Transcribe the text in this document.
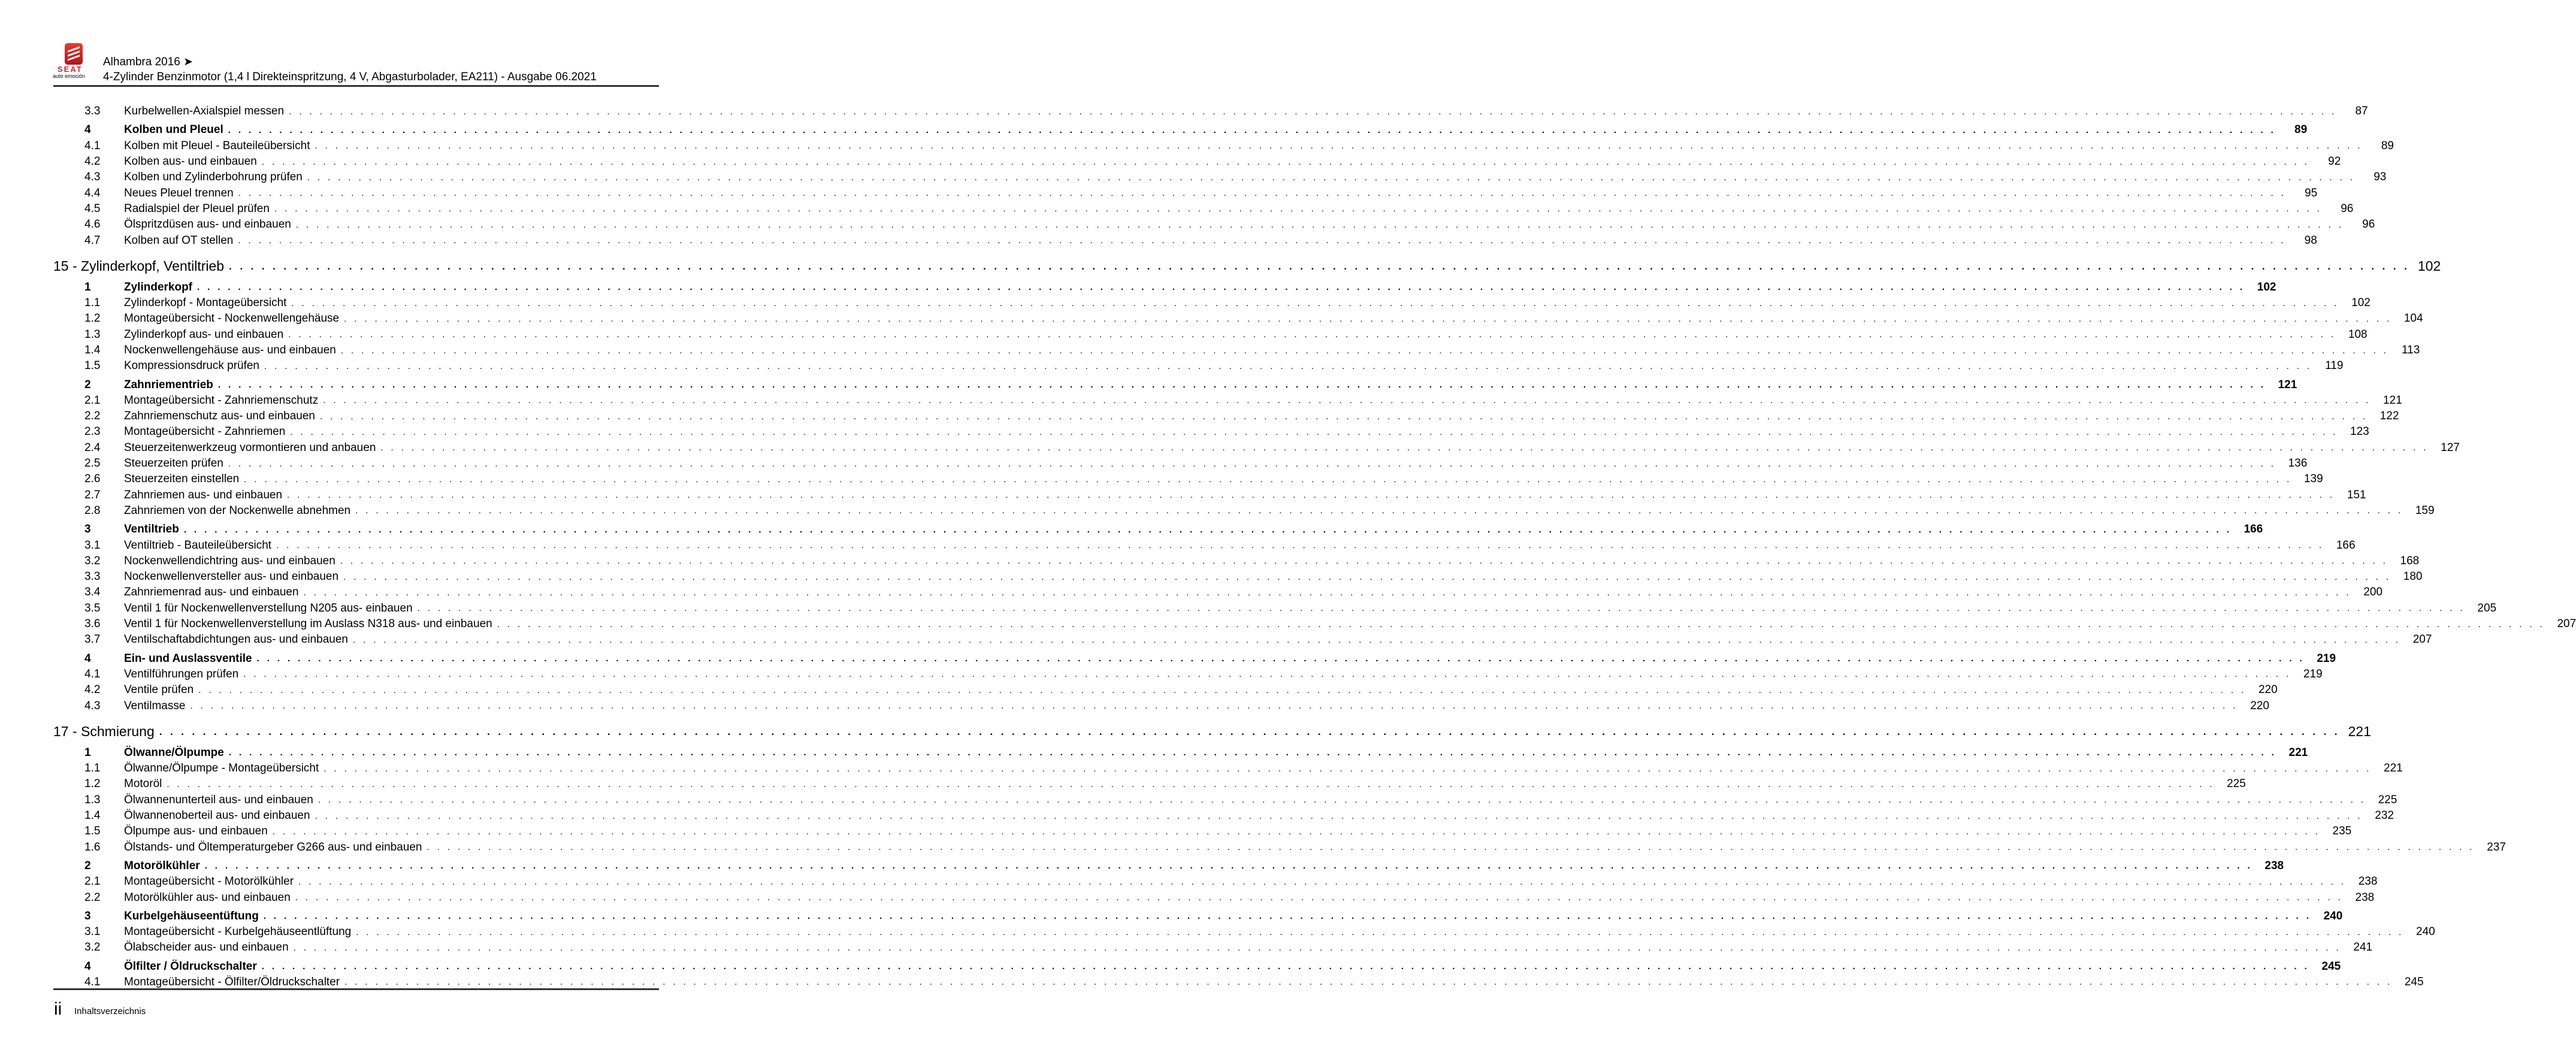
SEAT
auto emoción
Alhambra 2016 ➤
4-Zylinder Benzinmotor (1,4 l Direkteinspritzung, 4 V, Abgasturbolader, EA211) - Ausgabe 06.2021
3.3	Kurbelwellen-Axialspiel messen . . . . . . . . . . . . . . . . . . . . . . . . . . . . . . . . . . . . . . . . . . . . . . . . . . . . . . . . . . . . . . . . . . . . . . . . . . . . . . . . . . . . . . . . . . . . . . . . . . . . . . . . . . . . . . . . . . . . . . . . . . . . . . . . . . . . . . . . . . . . . . . . . . . . . . . . . . . . . . . . . . . . . . . . . . . . . . . . . . . . . . . . . . . . . . . . . . . . . . . .	87
4	Kolben und Pleuel . . . . . . . . . . . . . . . . . . . . . . . . . . . . . . . . . . . . . . . . . . . . . . . . . . . . . . . . . . . . . . . . . . . . . . . . . . . . . . . . . . . . . . . . . . . . . . . . . . . . . . . . . . . . . . . . . . . . . . . . . . . . . . . . . . . . . . . . . . . . . . . . . . . . . . . . . . . . . . . . . . . . . . . . . . . . . . . . . . . . . . . . . . . . . . . . . . . . . . . .	89
4.1	Kolben mit Pleuel - Bauteileübersicht . . . . . . . . . . . . . . . . . . . . . . . . . . . . . . . . . . . . . . . . . . . . . . . . . . . . . . . . . . . . . . . . . . . . . . . . . . . . . . . . . . . . . . . . . . . . . . . . . . . . . . . . . . . . . . . . . . . . . . . . . . . . . . . . . . . . . . . . . . . . . . . . . . . . . . . . . . . . . . . . . . . . . . . . . . . . . . . . . . . . . . . . . . . . . . . . . . . . . . . .	89
4.2	Kolben aus- und einbauen . . . . . . . . . . . . . . . . . . . . . . . . . . . . . . . . . . . . . . . . . . . . . . . . . . . . . . . . . . . . . . . . . . . . . . . . . . . . . . . . . . . . . . . . . . . . . . . . . . . . . . . . . . . . . . . . . . . . . . . . . . . . . . . . . . . . . . . . . . . . . . . . . . . . . . . . . . . . . . . . . . . . . . . . . . . . . . . . . . . . . . . . . . . . . . . . . . . . . . . .	92
4.3	Kolben und Zylinderbohrung prüfen . . . . . . . . . . . . . . . . . . . . . . . . . . . . . . . . . . . . . . . . . . . . . . . . . . . . . . . . . . . . . . . . . . . . . . . . . . . . . . . . . . . . . . . . . . . . . . . . . . . . . . . . . . . . . . . . . . . . . . . . . . . . . . . . . . . . . . . . . . . . . . . . . . . . . . . . . . . . . . . . . . . . . . . . . . . . . . . . . . . . . . . . . . . . . . . . . . . . . . . .	93
4.4	Neues Pleuel trennen . . . . . . . . . . . . . . . . . . . . . . . . . . . . . . . . . . . . . . . . . . . . . . . . . . . . . . . . . . . . . . . . . . . . . . . . . . . . . . . . . . . . . . . . . . . . . . . . . . . . . . . . . . . . . . . . . . . . . . . . . . . . . . . . . . . . . . . . . . . . . . . . . . . . . . . . . . . . . . . . . . . . . . . . . . . . . . . . . . . . . . . . . . . . . . . . . . . . . . . .	95
4.5	Radialspiel der Pleuel prüfen . . . . . . . . . . . . . . . . . . . . . . . . . . . . . . . . . . . . . . . . . . . . . . . . . . . . . . . . . . . . . . . . . . . . . . . . . . . . . . . . . . . . . . . . . . . . . . . . . . . . . . . . . . . . . . . . . . . . . . . . . . . . . . . . . . . . . . . . . . . . . . . . . . . . . . . . . . . . . . . . . . . . . . . . . . . . . . . . . . . . . . . . . . . . . . . . . . . . . . . .	96
4.6	Ölspritzdüsen aus- und einbauen . . . . . . . . . . . . . . . . . . . . . . . . . . . . . . . . . . . . . . . . . . . . . . . . . . . . . . . . . . . . . . . . . . . . . . . . . . . . . . . . . . . . . . . . . . . . . . . . . . . . . . . . . . . . . . . . . . . . . . . . . . . . . . . . . . . . . . . . . . . . . . . . . . . . . . . . . . . . . . . . . . . . . . . . . . . . . . . . . . . . . . . . . . . . . . . . . . . . . . . .	96
4.7	Kolben auf OT stellen . . . . . . . . . . . . . . . . . . . . . . . . . . . . . . . . . . . . . . . . . . . . . . . . . . . . . . . . . . . . . . . . . . . . . . . . . . . . . . . . . . . . . . . . . . . . . . . . . . . . . . . . . . . . . . . . . . . . . . . . . . . . . . . . . . . . . . . . . . . . . . . . . . . . . . . . . . . . . . . . . . . . . . . . . . . . . . . . . . . . . . . . . . . . . . . . . . . . . . . .	98
15 - Zylinderkopf, Ventiltrieb . . . . . . . . . . . . . . . . . . . . . . . . . . . . . . . . . . . . . . . . . . . . . . . . . . . . . . . . . . . . . . . . . . . . . . . . . . . . . . . . . . . . . . . . . . . . . . . . . . . . . . . . . . . . . . . . . . . . . . . . . . . . . . . . . . . . . . . . . . . . . . . . . . . . . . . . . . . . . . . . . . . . . . . . . . . . . . . . . . . . . . . . . . . . . . . . . . . . . . . . 102
1	Zylinderkopf . . . . . . . . . . . . . . . . . . . . . . . . . . . . . . . . . . . . . . . . . . . . . . . . . . . . . . . . . . . . . . . . . . . . . . . . . . . . . . . . . . . . . . . . . . . . . . . . . . . . . . . . . . . . . . . . . . . . . . . . . . . . . . . . . . . . . . . . . . . . . . . . . . . . . . . . . . . . . . . . . . . . . . . . . . . . . . . . . . . . . . . . . . . . . . . . . . . . . . . .	102
1.1	Zylinderkopf - Montageübersicht . . . . . . . . . . . . . . . . . . . . . . . . . . . . . . . . . . . . . . . . . . . . . . . . . . . . . . . . . . . . . . . . . . . . . . . . . . . . . . . . . . . . . . . . . . . . . . . . . . . . . . . . . . . . . . . . . . . . . . . . . . . . . . . . . . . . . . . . . . . . . . . . . . . . . . . . . . . . . . . . . . . . . . . . . . . . . . . . . . . . . . . . . . . . . . . . . . . . . . . .	102
1.2	Montageübersicht - Nockenwellengehäuse . . . . . . . . . . . . . . . . . . . . . . . . . . . . . . . . . . . . . . . . . . . . . . . . . . . . . . . . . . . . . . . . . . . . . . . . . . . . . . . . . . . . . . . . . . . . . . . . . . . . . . . . . . . . . . . . . . . . . . . . . . . . . . . . . . . . . . . . . . . . . . . . . . . . . . . . . . . . . . . . . . . . . . . . . . . . . . . . . . . . . . . . . . . . . . . . . . . . . . . .	104
1.3	Zylinderkopf aus- und einbauen . . . . . . . . . . . . . . . . . . . . . . . . . . . . . . . . . . . . . . . . . . . . . . . . . . . . . . . . . . . . . . . . . . . . . . . . . . . . . . . . . . . . . . . . . . . . . . . . . . . . . . . . . . . . . . . . . . . . . . . . . . . . . . . . . . . . . . . . . . . . . . . . . . . . . . . . . . . . . . . . . . . . . . . . . . . . . . . . . . . . . . . . . . . . . . . . . . . . . . . .	108
1.4	Nockenwellengehäuse aus- und einbauen . . . . . . . . . . . . . . . . . . . . . . . . . . . . . . . . . . . . . . . . . . . . . . . . . . . . . . . . . . . . . . . . . . . . . . . . . . . . . . . . . . . . . . . . . . . . . . . . . . . . . . . . . . . . . . . . . . . . . . . . . . . . . . . . . . . . . . . . . . . . . . . . . . . . . . . . . . . . . . . . . . . . . . . . . . . . . . . . . . . . . . . . . . . . . . . . . . . . . . . .	113
1.5	Kompressionsdruck prüfen . . . . . . . . . . . . . . . . . . . . . . . . . . . . . . . . . . . . . . . . . . . . . . . . . . . . . . . . . . . . . . . . . . . . . . . . . . . . . . . . . . . . . . . . . . . . . . . . . . . . . . . . . . . . . . . . . . . . . . . . . . . . . . . . . . . . . . . . . . . . . . . . . . . . . . . . . . . . . . . . . . . . . . . . . . . . . . . . . . . . . . . . . . . . . . . . . . . . . . . .	119
2	Zahnriementrieb . . . . . . . . . . . . . . . . . . . . . . . . . . . . . . . . . . . . . . . . . . . . . . . . . . . . . . . . . . . . . . . . . . . . . . . . . . . . . . . . . . . . . . . . . . . . . . . . . . . . . . . . . . . . . . . . . . . . . . . . . . . . . . . . . . . . . . . . . . . . . . . . . . . . . . . . . . . . . . . . . . . . . . . . . . . . . . . . . . . . . . . . . . . . . . . . . . . . . . . .	121
2.1	Montageübersicht - Zahnriemenschutz . . . . . . . . . . . . . . . . . . . . . . . . . . . . . . . . . . . . . . . . . . . . . . . . . . . . . . . . . . . . . . . . . . . . . . . . . . . . . . . . . . . . . . . . . . . . . . . . . . . . . . . . . . . . . . . . . . . . . . . . . . . . . . . . . . . . . . . . . . . . . . . . . . . . . . . . . . . . . . . . . . . . . . . . . . . . . . . . . . . . . . . . . . . . . . . . . . . . . . . .	121
2.2	Zahnriemenschutz aus- und einbauen . . . . . . . . . . . . . . . . . . . . . . . . . . . . . . . . . . . . . . . . . . . . . . . . . . . . . . . . . . . . . . . . . . . . . . . . . . . . . . . . . . . . . . . . . . . . . . . . . . . . . . . . . . . . . . . . . . . . . . . . . . . . . . . . . . . . . . . . . . . . . . . . . . . . . . . . . . . . . . . . . . . . . . . . . . . . . . . . . . . . . . . . . . . . . . . . . . . . . . . .	122
2.3	Montageübersicht - Zahnriemen . . . . . . . . . . . . . . . . . . . . . . . . . . . . . . . . . . . . . . . . . . . . . . . . . . . . . . . . . . . . . . . . . . . . . . . . . . . . . . . . . . . . . . . . . . . . . . . . . . . . . . . . . . . . . . . . . . . . . . . . . . . . . . . . . . . . . . . . . . . . . . . . . . . . . . . . . . . . . . . . . . . . . . . . . . . . . . . . . . . . . . . . . . . . . . . . . . . . . . . .	123
2.4	Steuerzeitenwerkzeug vormontieren und anbauen . . . . . . . . . . . . . . . . . . . . . . . . . . . . . . . . . . . . . . . . . . . . . . . . . . . . . . . . . . . . . . . . . . . . . . . . . . . . . . . . . . . . . . . . . . . . . . . . . . . . . . . . . . . . . . . . . . . . . . . . . . . . . . . . . . . . . . . . . . . . . . . . . . . . . . . . . . . . . . . . . . . . . . . . . . . . . . . . . . . . . . . . . . . . . . . . . . . . . . . .	127
2.5	Steuerzeiten prüfen . . . . . . . . . . . . . . . . . . . . . . . . . . . . . . . . . . . . . . . . . . . . . . . . . . . . . . . . . . . . . . . . . . . . . . . . . . . . . . . . . . . . . . . . . . . . . . . . . . . . . . . . . . . . . . . . . . . . . . . . . . . . . . . . . . . . . . . . . . . . . . . . . . . . . . . . . . . . . . . . . . . . . . . . . . . . . . . . . . . . . . . . . . . . . . . . . . . . . . . .	136
2.6	Steuerzeiten einstellen . . . . . . . . . . . . . . . . . . . . . . . . . . . . . . . . . . . . . . . . . . . . . . . . . . . . . . . . . . . . . . . . . . . . . . . . . . . . . . . . . . . . . . . . . . . . . . . . . . . . . . . . . . . . . . . . . . . . . . . . . . . . . . . . . . . . . . . . . . . . . . . . . . . . . . . . . . . . . . . . . . . . . . . . . . . . . . . . . . . . . . . . . . . . . . . . . . . . . . . .	139
2.7	Zahnriemen aus- und einbauen . . . . . . . . . . . . . . . . . . . . . . . . . . . . . . . . . . . . . . . . . . . . . . . . . . . . . . . . . . . . . . . . . . . . . . . . . . . . . . . . . . . . . . . . . . . . . . . . . . . . . . . . . . . . . . . . . . . . . . . . . . . . . . . . . . . . . . . . . . . . . . . . . . . . . . . . . . . . . . . . . . . . . . . . . . . . . . . . . . . . . . . . . . . . . . . . . . . . . . . .	151
2.8	Zahnriemen von der Nockenwelle abnehmen . . . . . . . . . . . . . . . . . . . . . . . . . . . . . . . . . . . . . . . . . . . . . . . . . . . . . . . . . . . . . . . . . . . . . . . . . . . . . . . . . . . . . . . . . . . . . . . . . . . . . . . . . . . . . . . . . . . . . . . . . . . . . . . . . . . . . . . . . . . . . . . . . . . . . . . . . . . . . . . . . . . . . . . . . . . . . . . . . . . . . . . . . . . . . . . . . . . . . . . .	159
3	Ventiltrieb . . . . . . . . . . . . . . . . . . . . . . . . . . . . . . . . . . . . . . . . . . . . . . . . . . . . . . . . . . . . . . . . . . . . . . . . . . . . . . . . . . . . . . . . . . . . . . . . . . . . . . . . . . . . . . . . . . . . . . . . . . . . . . . . . . . . . . . . . . . . . . . . . . . . . . . . . . . . . . . . . . . . . . . . . . . . . . . . . . . . . . . . . . . . . . . . . . . . . . . .	166
3.1	Ventiltrieb - Bauteileübersicht . . . . . . . . . . . . . . . . . . . . . . . . . . . . . . . . . . . . . . . . . . . . . . . . . . . . . . . . . . . . . . . . . . . . . . . . . . . . . . . . . . . . . . . . . . . . . . . . . . . . . . . . . . . . . . . . . . . . . . . . . . . . . . . . . . . . . . . . . . . . . . . . . . . . . . . . . . . . . . . . . . . . . . . . . . . . . . . . . . . . . . . . . . . . . . . . . . . . . . . .	166
3.2	Nockenwellendichtring aus- und einbauen . . . . . . . . . . . . . . . . . . . . . . . . . . . . . . . . . . . . . . . . . . . . . . . . . . . . . . . . . . . . . . . . . . . . . . . . . . . . . . . . . . . . . . . . . . . . . . . . . . . . . . . . . . . . . . . . . . . . . . . . . . . . . . . . . . . . . . . . . . . . . . . . . . . . . . . . . . . . . . . . . . . . . . . . . . . . . . . . . . . . . . . . . . . . . . . . . . . . . . . .	168
3.3	Nockenwellenversteller aus- und einbauen . . . . . . . . . . . . . . . . . . . . . . . . . . . . . . . . . . . . . . . . . . . . . . . . . . . . . . . . . . . . . . . . . . . . . . . . . . . . . . . . . . . . . . . . . . . . . . . . . . . . . . . . . . . . . . . . . . . . . . . . . . . . . . . . . . . . . . . . . . . . . . . . . . . . . . . . . . . . . . . . . . . . . . . . . . . . . . . . . . . . . . . . . . . . . . . . . . . . . . . .	180
3.4	Zahnriemenrad aus- und einbauen . . . . . . . . . . . . . . . . . . . . . . . . . . . . . . . . . . . . . . . . . . . . . . . . . . . . . . . . . . . . . . . . . . . . . . . . . . . . . . . . . . . . . . . . . . . . . . . . . . . . . . . . . . . . . . . . . . . . . . . . . . . . . . . . . . . . . . . . . . . . . . . . . . . . . . . . . . . . . . . . . . . . . . . . . . . . . . . . . . . . . . . . . . . . . . . . . . . . . . . .	200
3.5	Ventil 1 für Nockenwellenverstellung N205 aus- einbauen . . . . . . . . . . . . . . . . . . . . . . . . . . . . . . . . . . . . . . . . . . . . . . . . . . . . . . . . . . . . . . . . . . . . . . . . . . . . . . . . . . . . . . . . . . . . . . . . . . . . . . . . . . . . . . . . . . . . . . . . . . . . . . . . . . . . . . . . . . . . . . . . . . . . . . . . . . . . . . . . . . . . . . . . . . . . . . . . . . . . . . . . . . . . . . . . . . . . . . . .	205
3.6	Ventil 1 für Nockenwellenverstellung im Auslass N318 aus- und einbauen . . . . . . . . . . . . . . . . . . . . . . . . . . . . . . . . . . . . . . . . . . . . . . . . . . . . . . . . . . . . . . . . . . . . . . . . . . . . . . . . . . . . . . . . . . . . . . . . . . . . . . . . . . . . . . . . . . . . . . . . . . . . . . . . . . . . . . . . . . . . . . . . . . . . . . . . . . . . . . . . . . . . . . . . . . . . . . . . . . . . . . . . . . . . . . . . . . . . . . . .	207
3.7	Ventilschaftabdichtungen aus- und einbauen . . . . . . . . . . . . . . . . . . . . . . . . . . . . . . . . . . . . . . . . . . . . . . . . . . . . . . . . . . . . . . . . . . . . . . . . . . . . . . . . . . . . . . . . . . . . . . . . . . . . . . . . . . . . . . . . . . . . . . . . . . . . . . . . . . . . . . . . . . . . . . . . . . . . . . . . . . . . . . . . . . . . . . . . . . . . . . . . . . . . . . . . . . . . . . . . . . . . . . . .	207
4	Ein- und Auslassventile . . . . . . . . . . . . . . . . . . . . . . . . . . . . . . . . . . . . . . . . . . . . . . . . . . . . . . . . . . . . . . . . . . . . . . . . . . . . . . . . . . . . . . . . . . . . . . . . . . . . . . . . . . . . . . . . . . . . . . . . . . . . . . . . . . . . . . . . . . . . . . . . . . . . . . . . . . . . . . . . . . . . . . . . . . . . . . . . . . . . . . . . . . . . . . . . . . . . . . . .	219
4.1	Ventilführungen prüfen . . . . . . . . . . . . . . . . . . . . . . . . . . . . . . . . . . . . . . . . . . . . . . . . . . . . . . . . . . . . . . . . . . . . . . . . . . . . . . . . . . . . . . . . . . . . . . . . . . . . . . . . . . . . . . . . . . . . . . . . . . . . . . . . . . . . . . . . . . . . . . . . . . . . . . . . . . . . . . . . . . . . . . . . . . . . . . . . . . . . . . . . . . . . . . . . . . . . . . . .	219
4.2	Ventile prüfen . . . . . . . . . . . . . . . . . . . . . . . . . . . . . . . . . . . . . . . . . . . . . . . . . . . . . . . . . . . . . . . . . . . . . . . . . . . . . . . . . . . . . . . . . . . . . . . . . . . . . . . . . . . . . . . . . . . . . . . . . . . . . . . . . . . . . . . . . . . . . . . . . . . . . . . . . . . . . . . . . . . . . . . . . . . . . . . . . . . . . . . . . . . . . . . . . . . . . . . .	220
4.3	Ventilmasse . . . . . . . . . . . . . . . . . . . . . . . . . . . . . . . . . . . . . . . . . . . . . . . . . . . . . . . . . . . . . . . . . . . . . . . . . . . . . . . . . . . . . . . . . . . . . . . . . . . . . . . . . . . . . . . . . . . . . . . . . . . . . . . . . . . . . . . . . . . . . . . . . . . . . . . . . . . . . . . . . . . . . . . . . . . . . . . . . . . . . . . . . . . . . . . . . . . . . . . .	220
17 - Schmierung . . . . . . . . . . . . . . . . . . . . . . . . . . . . . . . . . . . . . . . . . . . . . . . . . . . . . . . . . . . . . . . . . . . . . . . . . . . . . . . . . . . . . . . . . . . . . . . . . . . . . . . . . . . . . . . . . . . . . . . . . . . . . . . . . . . . . . . . . . . . . . . . . . . . . . . . . . . . . . . . . . . . . . . . . . . . . . . . . . . . . . . . . . . . . . . . . . . . . . . . 221
1	Ölwanne/Ölpumpe . . . . . . . . . . . . . . . . . . . . . . . . . . . . . . . . . . . . . . . . . . . . . . . . . . . . . . . . . . . . . . . . . . . . . . . . . . . . . . . . . . . . . . . . . . . . . . . . . . . . . . . . . . . . . . . . . . . . . . . . . . . . . . . . . . . . . . . . . . . . . . . . . . . . . . . . . . . . . . . . . . . . . . . . . . . . . . . . . . . . . . . . . . . . . . . . . . . . . . . .	221
1.1	Ölwanne/Ölpumpe - Montageübersicht . . . . . . . . . . . . . . . . . . . . . . . . . . . . . . . . . . . . . . . . . . . . . . . . . . . . . . . . . . . . . . . . . . . . . . . . . . . . . . . . . . . . . . . . . . . . . . . . . . . . . . . . . . . . . . . . . . . . . . . . . . . . . . . . . . . . . . . . . . . . . . . . . . . . . . . . . . . . . . . . . . . . . . . . . . . . . . . . . . . . . . . . . . . . . . . . . . . . . . . .	221
1.2	Motoröl . . . . . . . . . . . . . . . . . . . . . . . . . . . . . . . . . . . . . . . . . . . . . . . . . . . . . . . . . . . . . . . . . . . . . . . . . . . . . . . . . . . . . . . . . . . . . . . . . . . . . . . . . . . . . . . . . . . . . . . . . . . . . . . . . . . . . . . . . . . . . . . . . . . . . . . . . . . . . . . . . . . . . . . . . . . . . . . . . . . . . . . . . . . . . . . . . . . . . . . .	225
1.3	Ölwannenunterteil aus- und einbauen . . . . . . . . . . . . . . . . . . . . . . . . . . . . . . . . . . . . . . . . . . . . . . . . . . . . . . . . . . . . . . . . . . . . . . . . . . . . . . . . . . . . . . . . . . . . . . . . . . . . . . . . . . . . . . . . . . . . . . . . . . . . . . . . . . . . . . . . . . . . . . . . . . . . . . . . . . . . . . . . . . . . . . . . . . . . . . . . . . . . . . . . . . . . . . . . . . . . . . . .	225
1.4	Ölwannenoberteil aus- und einbauen . . . . . . . . . . . . . . . . . . . . . . . . . . . . . . . . . . . . . . . . . . . . . . . . . . . . . . . . . . . . . . . . . . . . . . . . . . . . . . . . . . . . . . . . . . . . . . . . . . . . . . . . . . . . . . . . . . . . . . . . . . . . . . . . . . . . . . . . . . . . . . . . . . . . . . . . . . . . . . . . . . . . . . . . . . . . . . . . . . . . . . . . . . . . . . . . . . . . . . . .	232
1.5	Ölpumpe aus- und einbauen . . . . . . . . . . . . . . . . . . . . . . . . . . . . . . . . . . . . . . . . . . . . . . . . . . . . . . . . . . . . . . . . . . . . . . . . . . . . . . . . . . . . . . . . . . . . . . . . . . . . . . . . . . . . . . . . . . . . . . . . . . . . . . . . . . . . . . . . . . . . . . . . . . . . . . . . . . . . . . . . . . . . . . . . . . . . . . . . . . . . . . . . . . . . . . . . . . . . . . . .	235
1.6	Ölstands- und Öltemperaturgeber G266 aus- und einbauen . . . . . . . . . . . . . . . . . . . . . . . . . . . . . . . . . . . . . . . . . . . . . . . . . . . . . . . . . . . . . . . . . . . . . . . . . . . . . . . . . . . . . . . . . . . . . . . . . . . . . . . . . . . . . . . . . . . . . . . . . . . . . . . . . . . . . . . . . . . . . . . . . . . . . . . . . . . . . . . . . . . . . . . . . . . . . . . . . . . . . . . . . . . . . . . . . . . . . . . .	237
2	Motorölkühler . . . . . . . . . . . . . . . . . . . . . . . . . . . . . . . . . . . . . . . . . . . . . . . . . . . . . . . . . . . . . . . . . . . . . . . . . . . . . . . . . . . . . . . . . . . . . . . . . . . . . . . . . . . . . . . . . . . . . . . . . . . . . . . . . . . . . . . . . . . . . . . . . . . . . . . . . . . . . . . . . . . . . . . . . . . . . . . . . . . . . . . . . . . . . . . . . . . . . . . .	238
2.1	Montageübersicht - Motorölkühler . . . . . . . . . . . . . . . . . . . . . . . . . . . . . . . . . . . . . . . . . . . . . . . . . . . . . . . . . . . . . . . . . . . . . . . . . . . . . . . . . . . . . . . . . . . . . . . . . . . . . . . . . . . . . . . . . . . . . . . . . . . . . . . . . . . . . . . . . . . . . . . . . . . . . . . . . . . . . . . . . . . . . . . . . . . . . . . . . . . . . . . . . . . . . . . . . . . . . . . .	238
2.2	Motorölkühler aus- und einbauen . . . . . . . . . . . . . . . . . . . . . . . . . . . . . . . . . . . . . . . . . . . . . . . . . . . . . . . . . . . . . . . . . . . . . . . . . . . . . . . . . . . . . . . . . . . . . . . . . . . . . . . . . . . . . . . . . . . . . . . . . . . . . . . . . . . . . . . . . . . . . . . . . . . . . . . . . . . . . . . . . . . . . . . . . . . . . . . . . . . . . . . . . . . . . . . . . . . . . . . .	238
3	Kurbelgehäuseentüftung . . . . . . . . . . . . . . . . . . . . . . . . . . . . . . . . . . . . . . . . . . . . . . . . . . . . . . . . . . . . . . . . . . . . . . . . . . . . . . . . . . . . . . . . . . . . . . . . . . . . . . . . . . . . . . . . . . . . . . . . . . . . . . . . . . . . . . . . . . . . . . . . . . . . . . . . . . . . . . . . . . . . . . . . . . . . . . . . . . . . . . . . . . . . . . . . . . . . . . . .	240
3.1	Montageübersicht - Kurbelgehäuseentlüftung . . . . . . . . . . . . . . . . . . . . . . . . . . . . . . . . . . . . . . . . . . . . . . . . . . . . . . . . . . . . . . . . . . . . . . . . . . . . . . . . . . . . . . . . . . . . . . . . . . . . . . . . . . . . . . . . . . . . . . . . . . . . . . . . . . . . . . . . . . . . . . . . . . . . . . . . . . . . . . . . . . . . . . . . . . . . . . . . . . . . . . . . . . . . . . . . . . . . . . . .	240
3.2	Ölabscheider aus- und einbauen . . . . . . . . . . . . . . . . . . . . . . . . . . . . . . . . . . . . . . . . . . . . . . . . . . . . . . . . . . . . . . . . . . . . . . . . . . . . . . . . . . . . . . . . . . . . . . . . . . . . . . . . . . . . . . . . . . . . . . . . . . . . . . . . . . . . . . . . . . . . . . . . . . . . . . . . . . . . . . . . . . . . . . . . . . . . . . . . . . . . . . . . . . . . . . . . . . . . . . . .	241
4	Ölfilter / Öldruckschalter . . . . . . . . . . . . . . . . . . . . . . . . . . . . . . . . . . . . . . . . . . . . . . . . . . . . . . . . . . . . . . . . . . . . . . . . . . . . . . . . . . . . . . . . . . . . . . . . . . . . . . . . . . . . . . . . . . . . . . . . . . . . . . . . . . . . . . . . . . . . . . . . . . . . . . . . . . . . . . . . . . . . . . . . . . . . . . . . . . . . . . . . . . . . . . . . . . . . . . . .	245
4.1	Montageübersicht - Ölfilter/Öldruckschalter . . . . . . . . . . . . . . . . . . . . . . . . . . . . . . . . . . . . . . . . . . . . . . . . . . . . . . . . . . . . . . . . . . . . . . . . . . . . . . . . . . . . . . . . . . . . . . . . . . . . . . . . . . . . . . . . . . . . . . . . . . . . . . . . . . . . . . . . . . . . . . . . . . . . . . . . . . . . . . . . . . . . . . . . . . . . . . . . . . . . . . . . . . . . . . . . . . . . . . . .	245
ii Inhaltsverzeichnis
